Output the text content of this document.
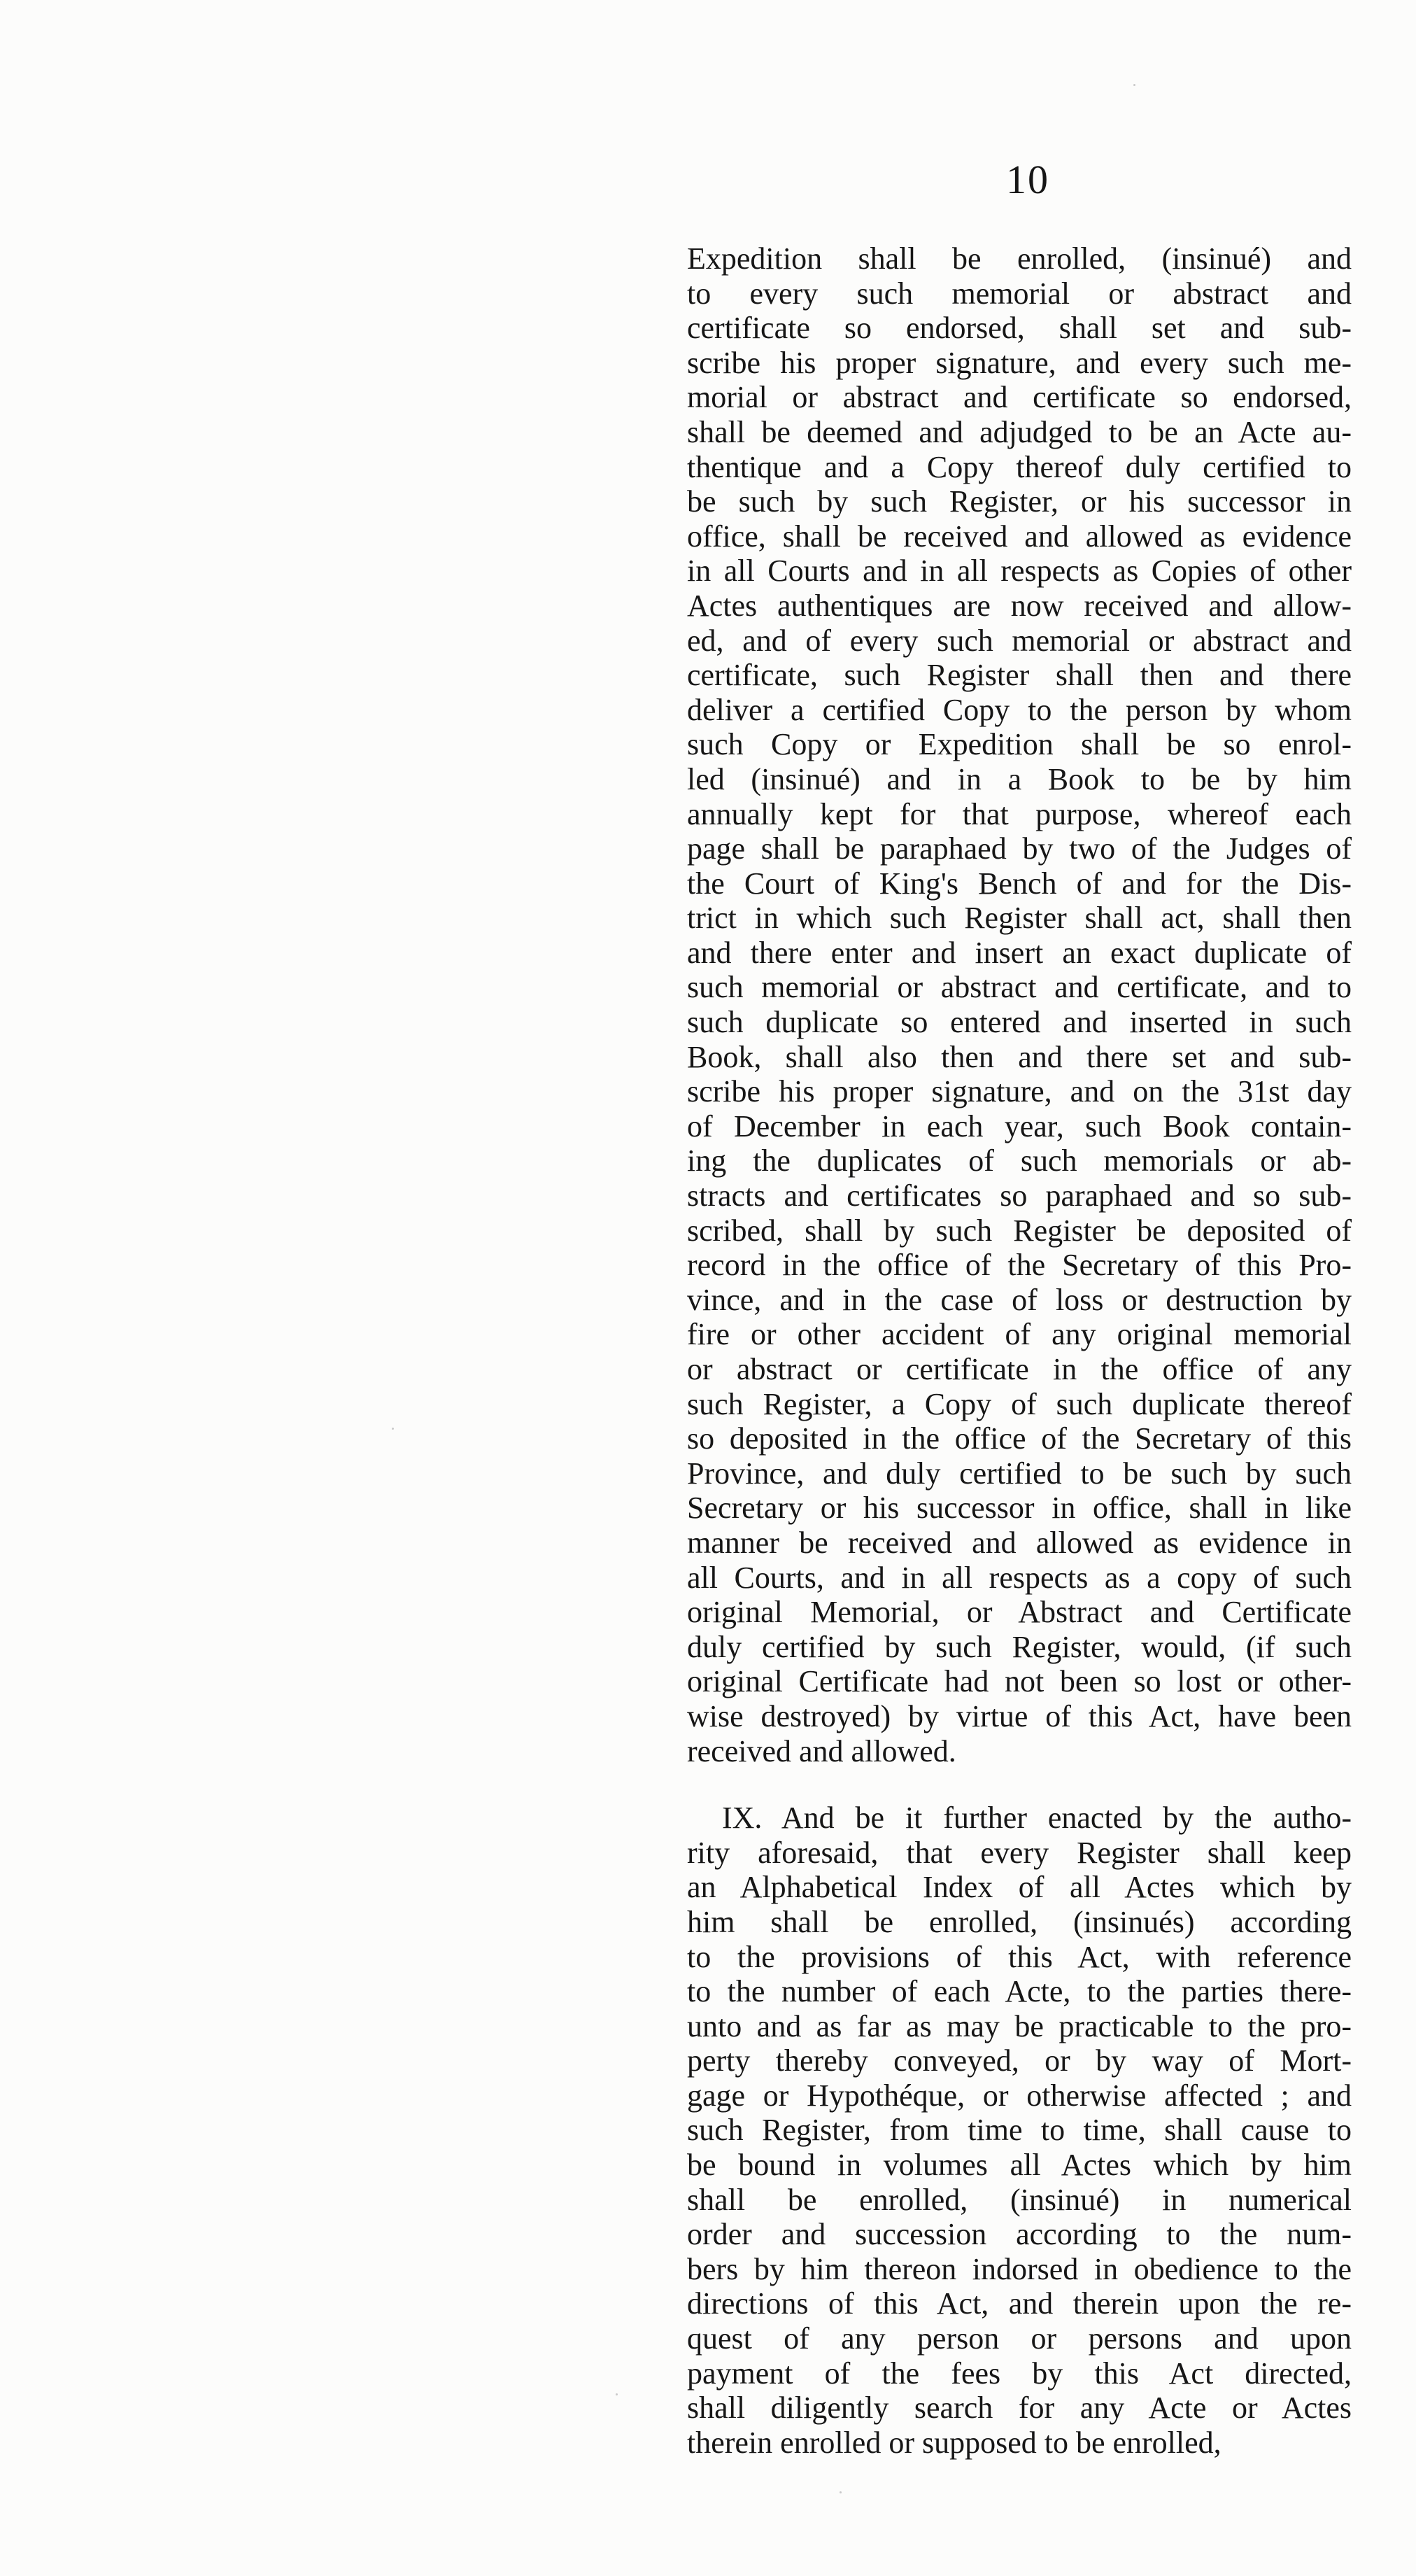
10
Expedition shall be enrolled, (insinué) and
to every such memorial or abstract and
certificate so endorsed, shall set and sub-
scribe his proper signature, and every such me-
morial or abstract and certificate so endorsed,
shall be deemed and adjudged to be an Acte au-
thentique and a Copy thereof duly certified to
be such by such Register, or his successor in
office, shall be received and allowed as evidence
in all Courts and in all respects as Copies of other
Actes authentiques are now received and allow-
ed, and of every such memorial or abstract and
certificate, such Register shall then and there
deliver a certified Copy to the person by whom
such Copy or Expedition shall be so enrol-
led (insinué) and in a Book to be by him
annually kept for that purpose, whereof each
page shall be paraphaed by two of the Judges of
the Court of King's Bench of and for the Dis-
trict in which such Register shall act, shall then
and there enter and insert an exact duplicate of
such memorial or abstract and certificate, and to
such duplicate so entered and inserted in such
Book, shall also then and there set and sub-
scribe his proper signature, and on the 31st day
of December in each year, such Book contain-
ing the duplicates of such memorials or ab-
stracts and certificates so paraphaed and so sub-
scribed, shall by such Register be deposited of
record in the office of the Secretary of this Pro-
vince, and in the case of loss or destruction by
fire or other accident of any original memorial
or abstract or certificate in the office of any
such Register, a Copy of such duplicate thereof
so deposited in the office of the Secretary of this
Province, and duly certified to be such by such
Secretary or his successor in office, shall in like
manner be received and allowed as evidence in
all Courts, and in all respects as a copy of such
original Memorial, or Abstract and Certificate
duly certified by such Register, would, (if such
original Certificate had not been so lost or other-
wise destroyed) by virtue of this Act, have been
received and allowed.
IX. And be it further enacted by the autho-
rity aforesaid, that every Register shall keep
an Alphabetical Index of all Actes which by
him shall be enrolled, (insinués) according
to the provisions of this Act, with reference
to the number of each Acte, to the parties there-
unto and as far as may be practicable to the pro-
perty thereby conveyed, or by way of Mort-
gage or Hypothéque, or otherwise affected ; and
such Register, from time to time, shall cause to
be bound in volumes all Actes which by him
shall be enrolled, (insinué) in numerical
order and succession according to the num-
bers by him thereon indorsed in obedience to the
directions of this Act, and therein upon the re-
quest of any person or persons and upon
payment of the fees by this Act directed,
shall diligently search for any Acte or Actes
therein enrolled or supposed to be enrolled,
